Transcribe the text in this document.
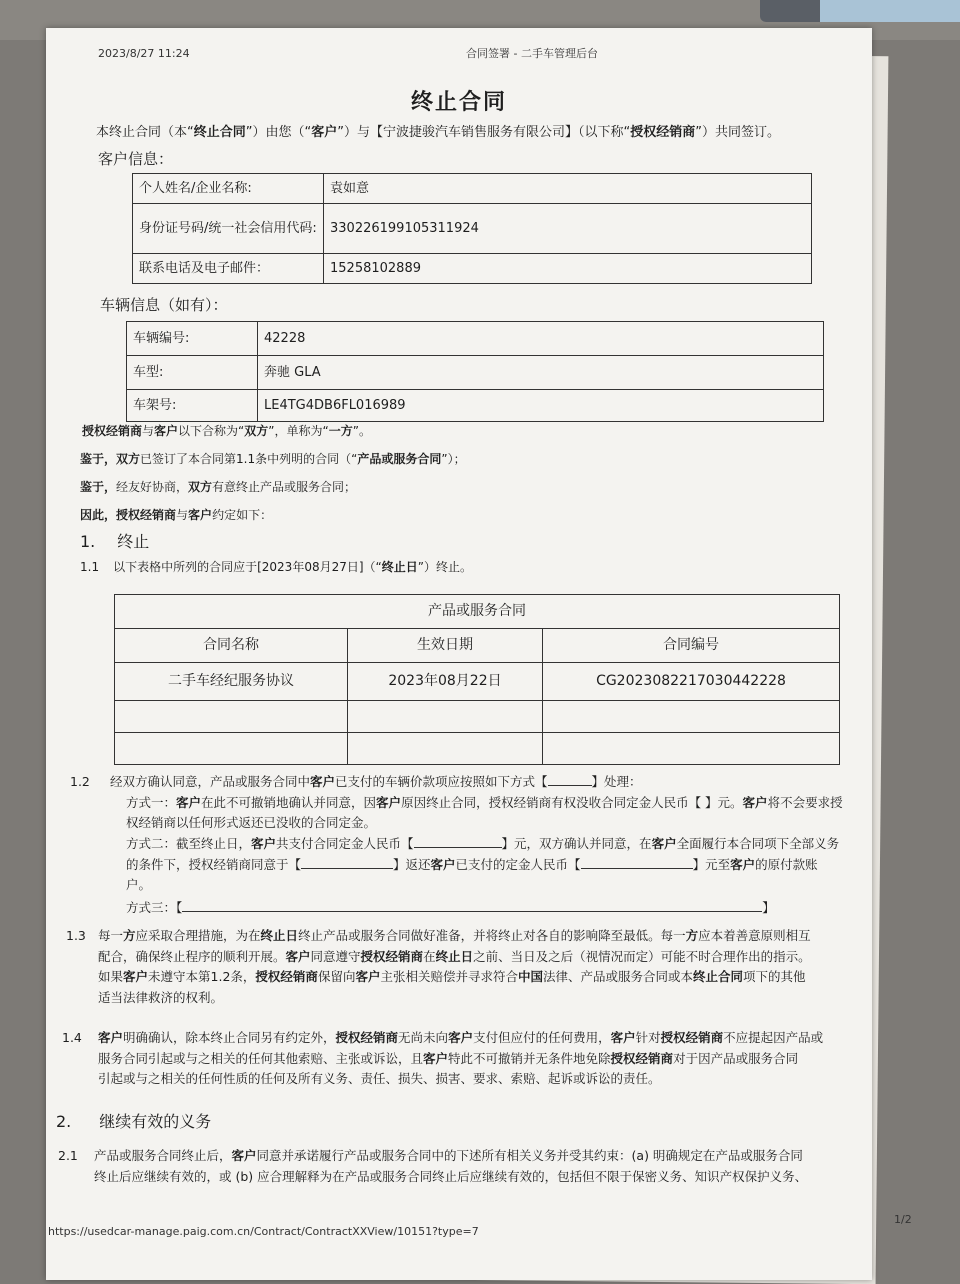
2023/8/27 11:24	合同签署 - 二手车管理后台
终止合同
本终止合同（本“终止合同”）由您（“客户”）与【宁波捷骏汽车销售服务有限公司】（以下称“授权经销商”）共同签订。
客户信息：
个人姓名/企业名称:	袁如意
身份证号码/统一社会信用代码:	330226199105311924
联系电话及电子邮件：	15258102889
车辆信息（如有）：
车辆编号:	42228
车型:	奔驰 GLA
车架号:	LE4TG4DB6FL016989
授权经销商与客户以下合称为“双方”，单称为“一方”。
鉴于，双方已签订了本合同第1.1条中列明的合同（“产品或服务合同”）；
鉴于，经友好协商，双方有意终止产品或服务合同；
因此，授权经销商与客户约定如下：
1. 终止
1.1 以下表格中所列的合同应于[2023年08月27日]（“终止日”）终止。
产品或服务合同		
合同名称	生效日期	合同编号
二手车经纪服务协议	2023年08月22日	CG2023082217030442228

1.2 经双方确认同意，产品或服务合同中客户已支付的车辆价款项应按照如下方式【	】处理：
方式一：客户在此不可撤销地确认并同意，因客户原因终止合同，授权经销商有权没收合同定金人民币【 】元。客户将不会要求授
权经销商以任何形式返还已没收的合同定金。
方式二：截至终止日，客户共支付合同定金人民币【	】元，双方确认并同意，在客户全面履行本合同项下全部义务
的条件下，授权经销商同意于【	】返还客户已支付的定金人民币【	】元至客户的原付款账
户。
方式三：【	】
1.3 每一方应采取合理措施，为在终止日终止产品或服务合同做好准备，并将终止对各自的影响降至最低。每一方应本着善意原则相互
配合，确保终止程序的顺利开展。客户同意遵守授权经销商在终止日之前、当日及之后（视情况而定）可能不时合理作出的指示。
如果客户未遵守本第1.2条，授权经销商保留向客户主张相关赔偿并寻求符合中国法律、产品或服务合同或本终止合同项下的其他
适当法律救济的权利。
1.4 客户明确确认，除本终止合同另有约定外，授权经销商无尚未向客户支付但应付的任何费用，客户针对授权经销商不应提起因产品或
服务合同引起或与之相关的任何其他索赔、主张或诉讼，且客户特此不可撤销并无条件地免除授权经销商对于因产品或服务合同
引起或与之相关的任何性质的任何及所有义务、责任、损失、损害、要求、索赔、起诉或诉讼的责任。
2. 继续有效的义务
2.1 产品或服务合同终止后，客户同意并承诺履行产品或服务合同中的下述所有相关义务并受其约束：(a) 明确规定在产品或服务合同
终止后应继续有效的，或 (b) 应合理解释为在产品或服务合同终止后应继续有效的，包括但不限于保密义务、知识产权保护义务、
https://usedcar-manage.paig.com.cn/Contract/ContractXXView/10151?type=7
1/2
